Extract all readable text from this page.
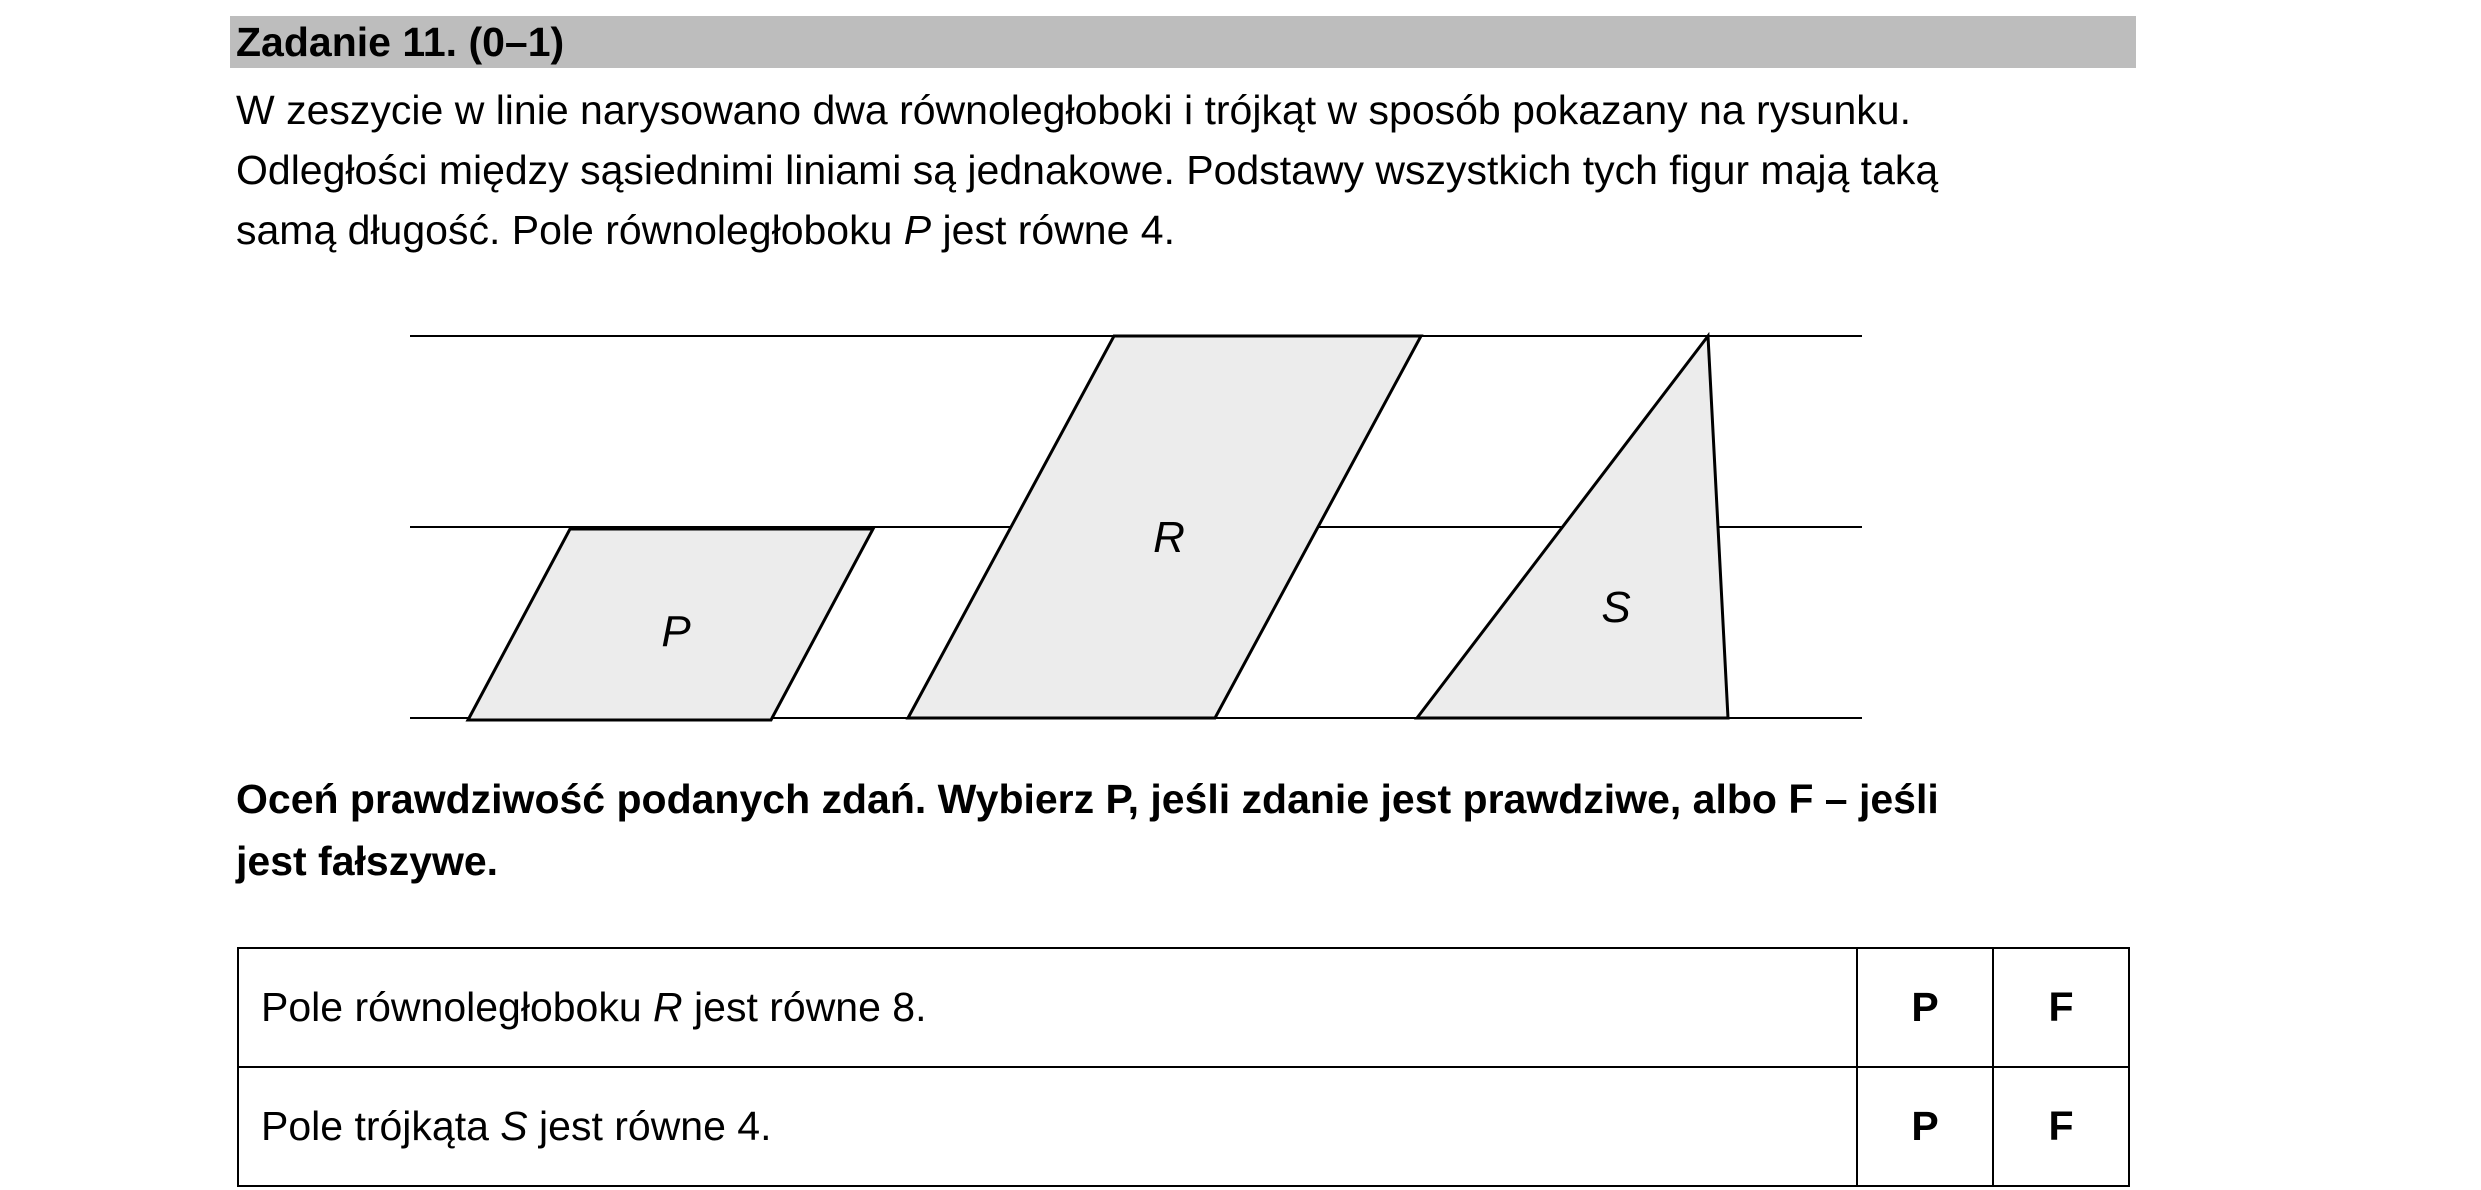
Zadanie 11. (0–1)

W zeszycie w linie narysowano dwa równoległoboki i trójkąt w sposób pokazany na rysunku.

Odległości między sąsiednimi liniami są jednakowe. Podstawy wszystkich tych figur mają taką

samą długość. Pole równoległoboku P jest równe 4.

P
R
S

Oceń prawdziwość podanych zdań. Wybierz P, jeśli zdanie jest prawdziwe, albo F – jeśli

jest fałszywe.

Pole równoległoboku R jest równe 8.	P	F
Pole trójkąta S jest równe 4.	P	F
